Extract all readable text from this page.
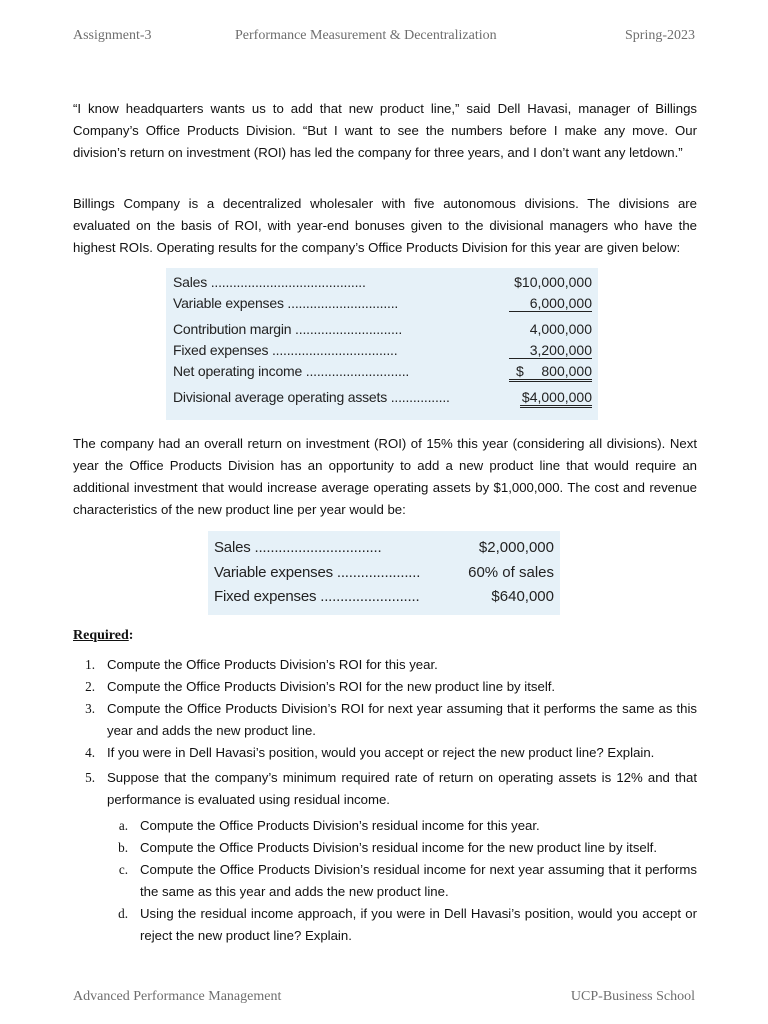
Assignment-3	Performance Measurement & Decentralization	Spring-2023

“I know headquarters wants us to add that new product line,” said Dell Havasi, manager of Billings Company’s Office Products Division. “But I want to see the numbers before I make any move. Our division’s return on investment (ROI) has led the company for three years, and I don’t want any letdown.”

Billings Company is a decentralized wholesaler with five autonomous divisions. The divisions are evaluated on the basis of ROI, with year-end bonuses given to the divisional managers who have the highest ROIs. Operating results for the company’s Office Products Division for this year are given below:

Sales ..........................................	$10,000,000
Variable expenses ..............................	6,000,000
Contribution margin .............................	4,000,000
Fixed expenses ..................................	3,200,000
Net operating income ............................	$	800,000
Divisional average operating assets ................	$4,000,000

The company had an overall return on investment (ROI) of 15% this year (considering all divisions). Next year the Office Products Division has an opportunity to add a new product line that would require an additional investment that would increase average operating assets by $1,000,000. The cost and revenue characteristics of the new product line per year would be:

Sales ................................	$2,000,000
Variable expenses .....................	60% of sales
Fixed expenses .........................	$640,000
Required:
1. Compute the Office Products Division’s ROI for this year.
2. Compute the Office Products Division’s ROI for the new product line by itself.
3. Compute the Office Products Division’s ROI for next year assuming that it performs the same as this year and adds the new product line.
4. If you were in Dell Havasi’s position, would you accept or reject the new product line? Explain.
5. Suppose that the company’s minimum required rate of return on operating assets is 12% and that performance is evaluated using residual income.
a. Compute the Office Products Division’s residual income for this year.
b. Compute the Office Products Division’s residual income for the new product line by itself.
c. Compute the Office Products Division’s residual income for next year assuming that it performs the same as this year and adds the new product line.
d. Using the residual income approach, if you were in Dell Havasi’s position, would you accept or reject the new product line? Explain.
Advanced Performance Management	UCP-Business School
